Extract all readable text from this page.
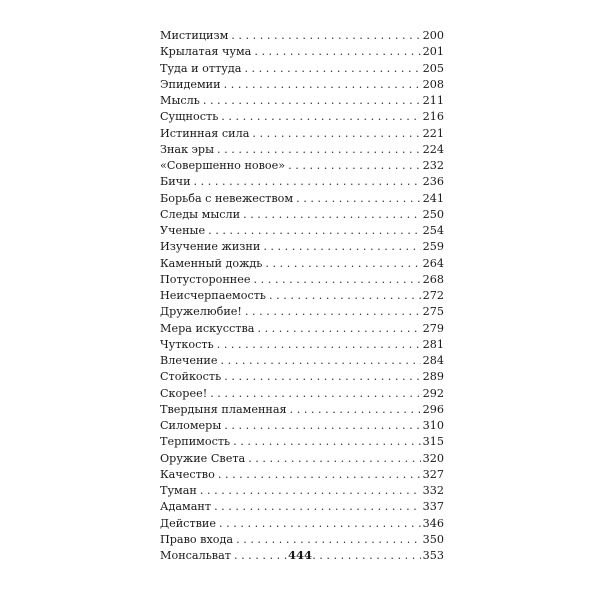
Мистицизм . . .	200
Крылатая чума . . .	201
Туда и оттуда . . .	205
Эпидемии . . .	208
Мысль . . .	211
Сущность . . .	216
Истинная сила . . .	221
Знак эры . . .	224
«Совершенно новое» . . .	232
Бичи . . .	236
Борьба с невежеством . . .	241
Следы мысли . . .	250
Ученые . . .	254
Изучение жизни . . .	259
Каменный дождь . . .	264
Потустороннее . . .	268
Неисчерпаемость . . .	272
Дружелюбие! . . .	275
Мера искусства . . .	279
Чуткость . . .	281
Влечение . . .	284
Стойкость . . .	289
Скорее! . . .	292
Твердыня пламенная . . .	296
Силомеры . . .	310
Терпимость . . .	315
Оружие Света . . .	320
Качество . . .	327
Туман . . .	332
Адамант . . .	337
Действие . . .	346
Право входа . . .	350
Монсальват . . .	353
444
